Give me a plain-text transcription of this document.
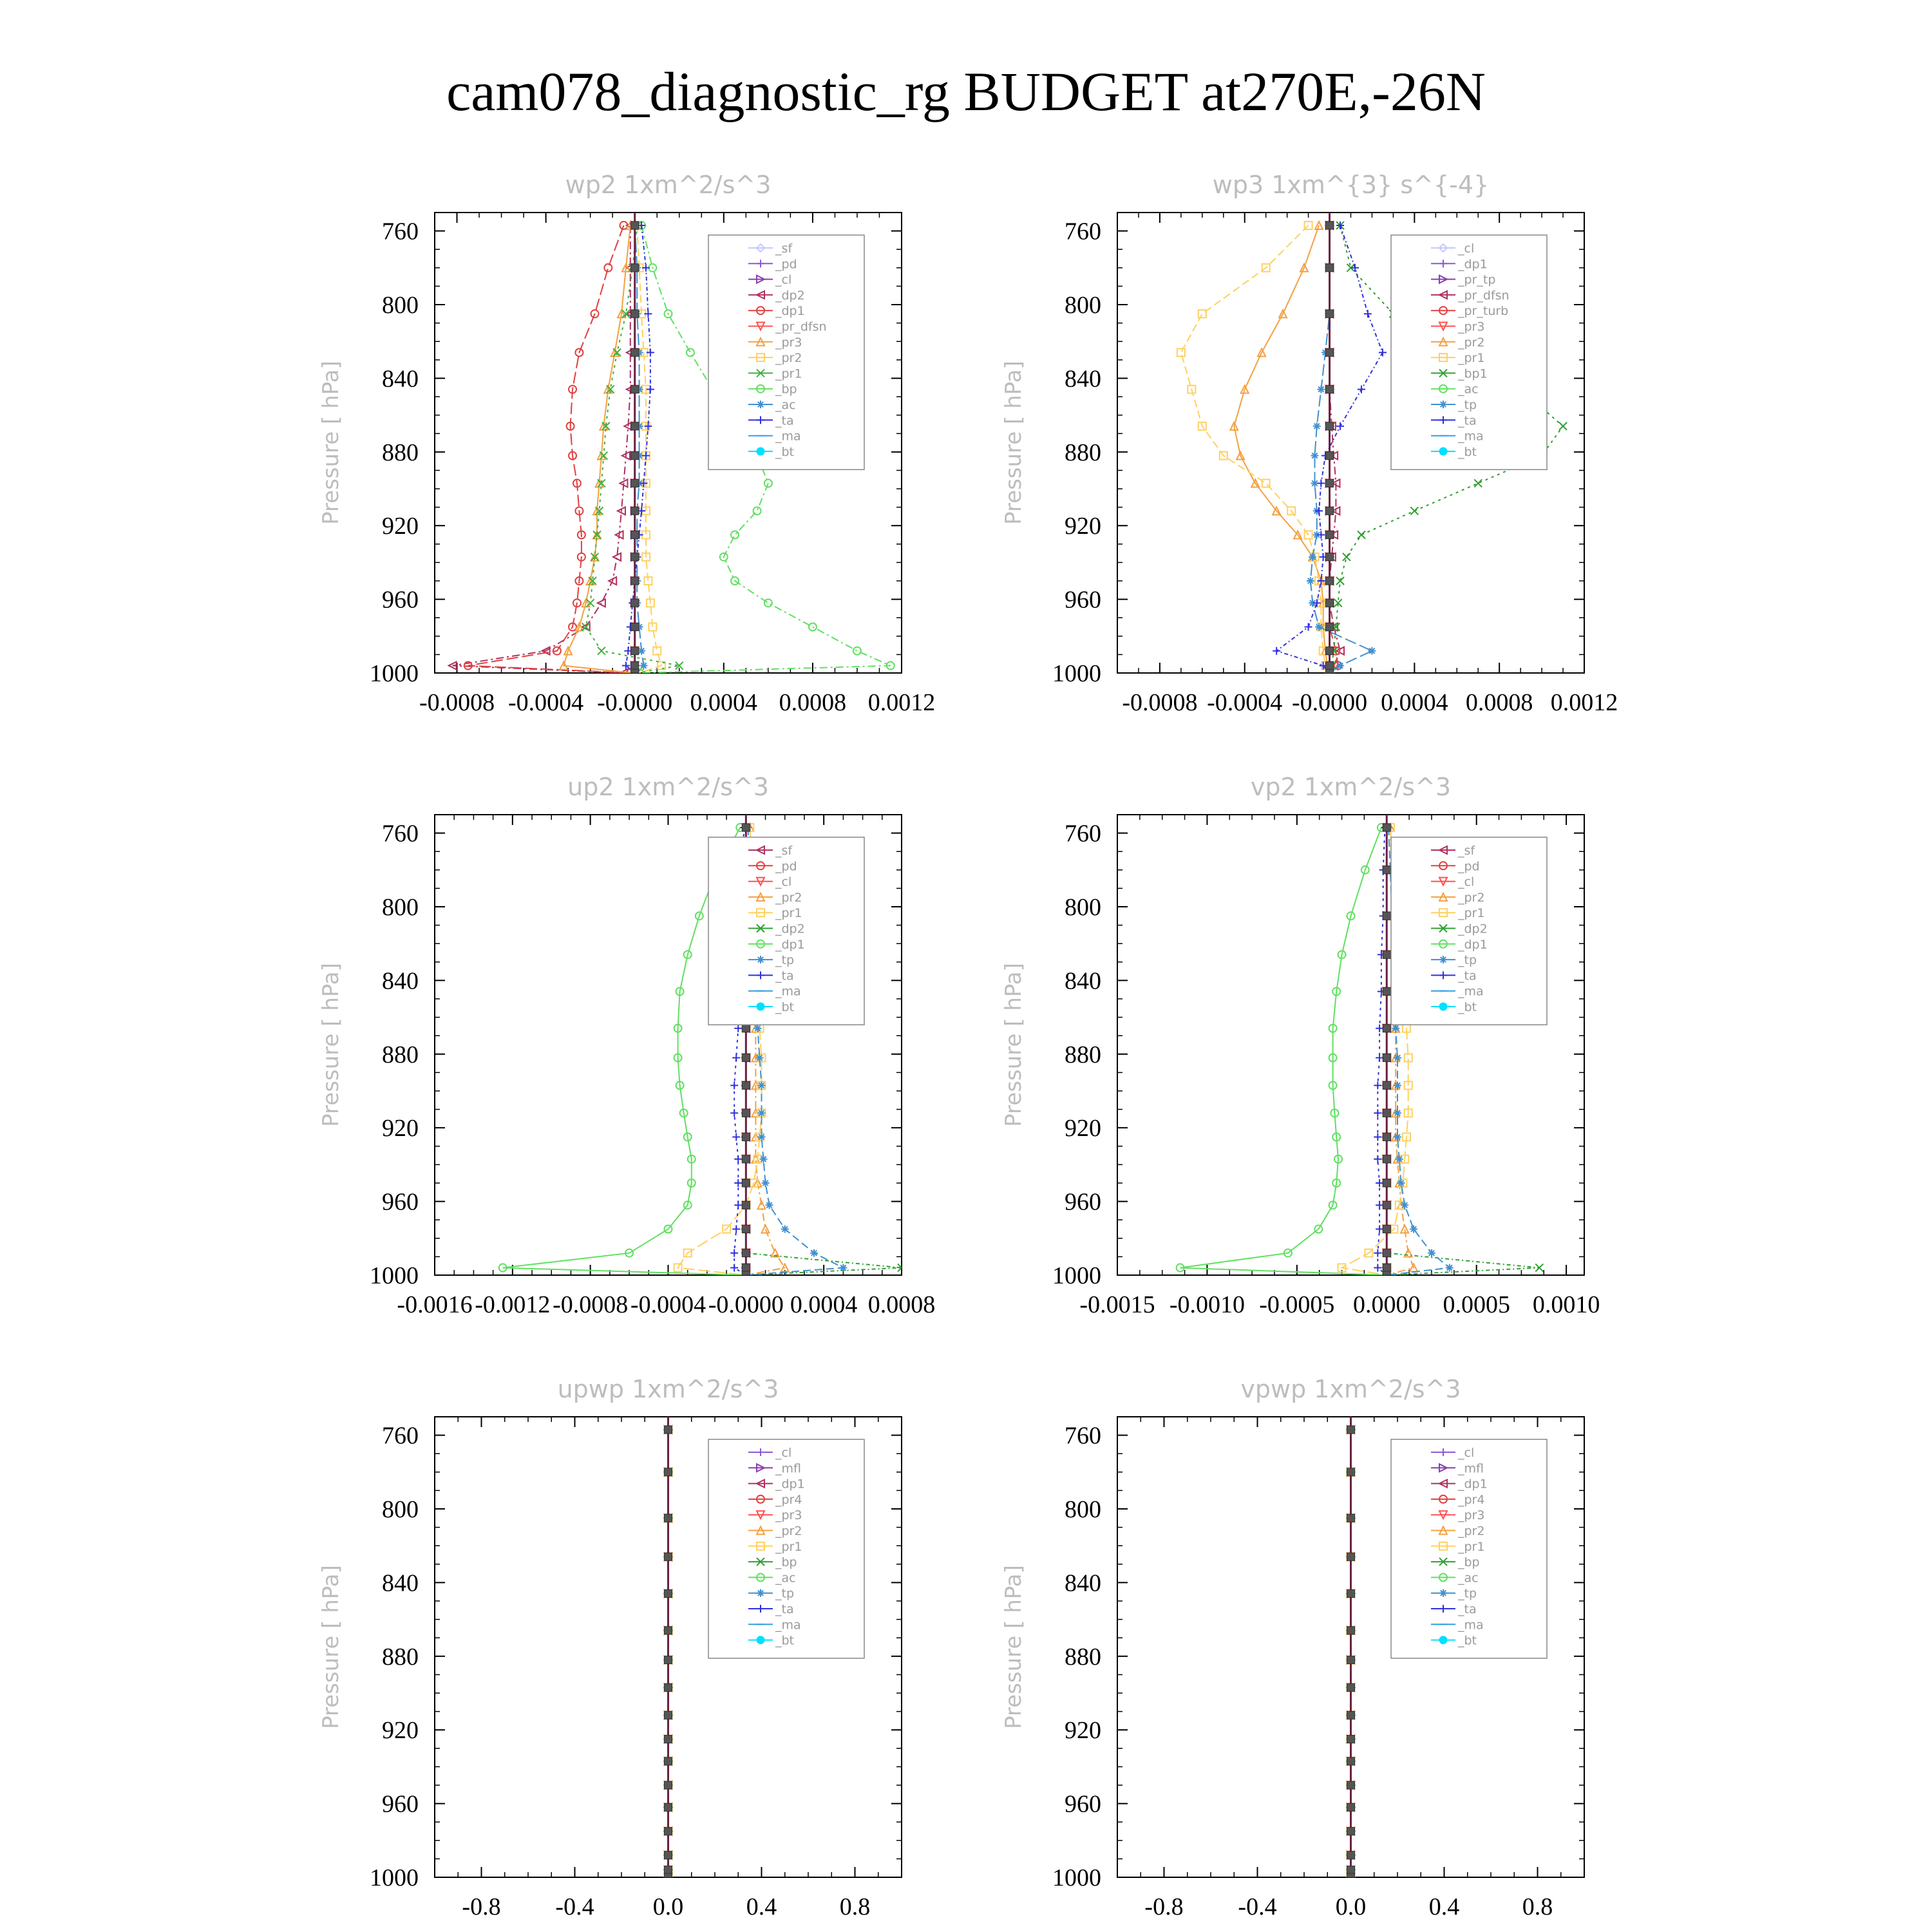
cam078_diagnostic_rg BUDGET at270E,-26N
wp2 1xm^2/s^3
Pressure [ hPa]
760
800
840
880
920
960
1000
-0.0008 -0.0004 -0.0000 0.0004 0.0008 0.0012
_sf
_pd
_cl
_dp2
_dp1
_pr_dfsn
_pr3
_pr2
_pr1
_bp
_ac
_ta
_ma
_bt
wp3 1xm^{3} s^{-4}
Pressure [ hPa]
760
800
840
880
920
960
1000
-0.0008 -0.0004 -0.0000 0.0004 0.0008 0.0012
_cl
_dp1
_pr_tp
_pr_dfsn
_pr_turb
_pr3
_pr2
_pr1
_bp1
_ac
_tp
_ta
_ma
_bt
up2 1xm^2/s^3
Pressure [ hPa]
760
800
840
880
920
960
1000
-0.0016 -0.0012 -0.0008 -0.0004 -0.0000 0.0004 0.0008
_sf
_pd
_cl
_pr2
_pr1
_dp2
_dp1
_tp
_ta
_ma
_bt
vp2 1xm^2/s^3
Pressure [ hPa]
760
800
840
880
920
960
1000
-0.0015 -0.0010 -0.0005 0.0000 0.0005 0.0010
_sf
_pd
_cl
_pr2
_pr1
_dp2
_dp1
_tp
_ta
_ma
_bt
upwp 1xm^2/s^3
Pressure [ hPa]
760
800
840
880
920
960
1000
-0.8 -0.4 0.0	0.4	0.8
_cl
_mfl
_dp1
_pr4
_pr3
_pr2
_pr1
_bp
_ac
_tp
_ta
_ma
_bt
vpwp 1xm^2/s^3
Pressure [ hPa]
760
800
840
880
920
960
1000
-0.8 -0.4 0.0	0.4	0.8
_cl
_mfl
_dp1
_pr4
_pr3
_pr2
_pr1
_bp
_ac
_tp
_ta
_ma
_bt
